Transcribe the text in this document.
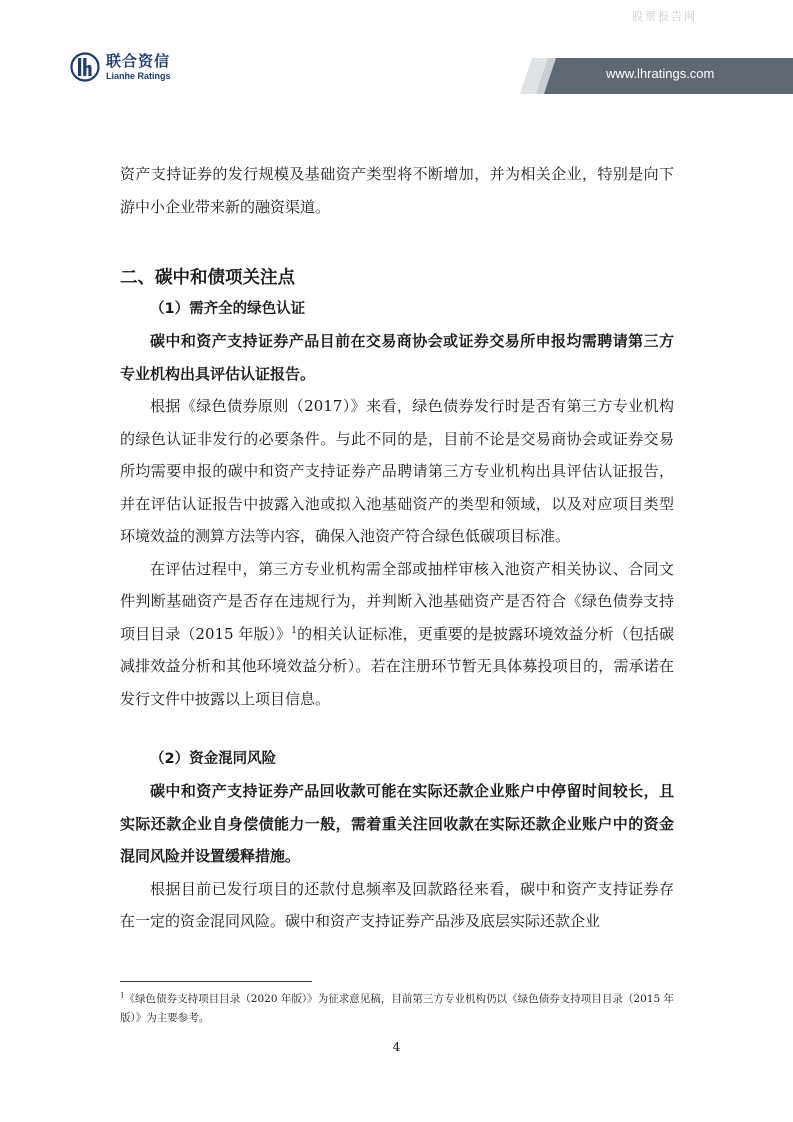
股票报告网
联合资信
Lianhe Ratings	www.lhratings.com

资产支持证券的发行规模及基础资产类型将不断增加，并为相关企业，特别是向下游中小企业带来新的融资渠道。

二、碳中和债项关注点
（1）需齐全的绿色认证

碳中和资产支持证券产品目前在交易商协会或证券交易所申报均需聘请第三方专业机构出具评估认证报告。

根据《绿色债券原则（2017）》来看，绿色债券发行时是否有第三方专业机构的绿色认证非发行的必要条件。与此不同的是，目前不论是交易商协会或证券交易所均需要申报的碳中和资产支持证券产品聘请第三方专业机构出具评估认证报告，并在评估认证报告中披露入池或拟入池基础资产的类型和领域，以及对应项目类型环境效益的测算方法等内容，确保入池资产符合绿色低碳项目标准。

在评估过程中，第三方专业机构需全部或抽样审核入池资产相关协议、合同文件判断基础资产是否存在违规行为，并判断入池基础资产是否符合《绿色债券支持项目目录（2015 年版）》$^1$的相关认证标准，更重要的是披露环境效益分析（包括碳减排效益分析和其他环境效益分析）。若在注册环节暂无具体募投项目的，需承诺在发行文件中披露以上项目信息。

（2）资金混同风险

碳中和资产支持证券产品回收款可能在实际还款企业账户中停留时间较长，且实际还款企业自身偿债能力一般，需着重关注回收款在实际还款企业账户中的资金混同风险并设置缓释措施。

根据目前已发行项目的还款付息频率及回款路径来看，碳中和资产支持证券存在一定的资金混同风险。碳中和资产支持证券产品涉及底层实际还款企业

$^1$《绿色债券支持项目目录（2020 年版）》为征求意见稿，目前第三方专业机构仍以《绿色债券支持项目目录（2015 年版）》为主要参考。
4
